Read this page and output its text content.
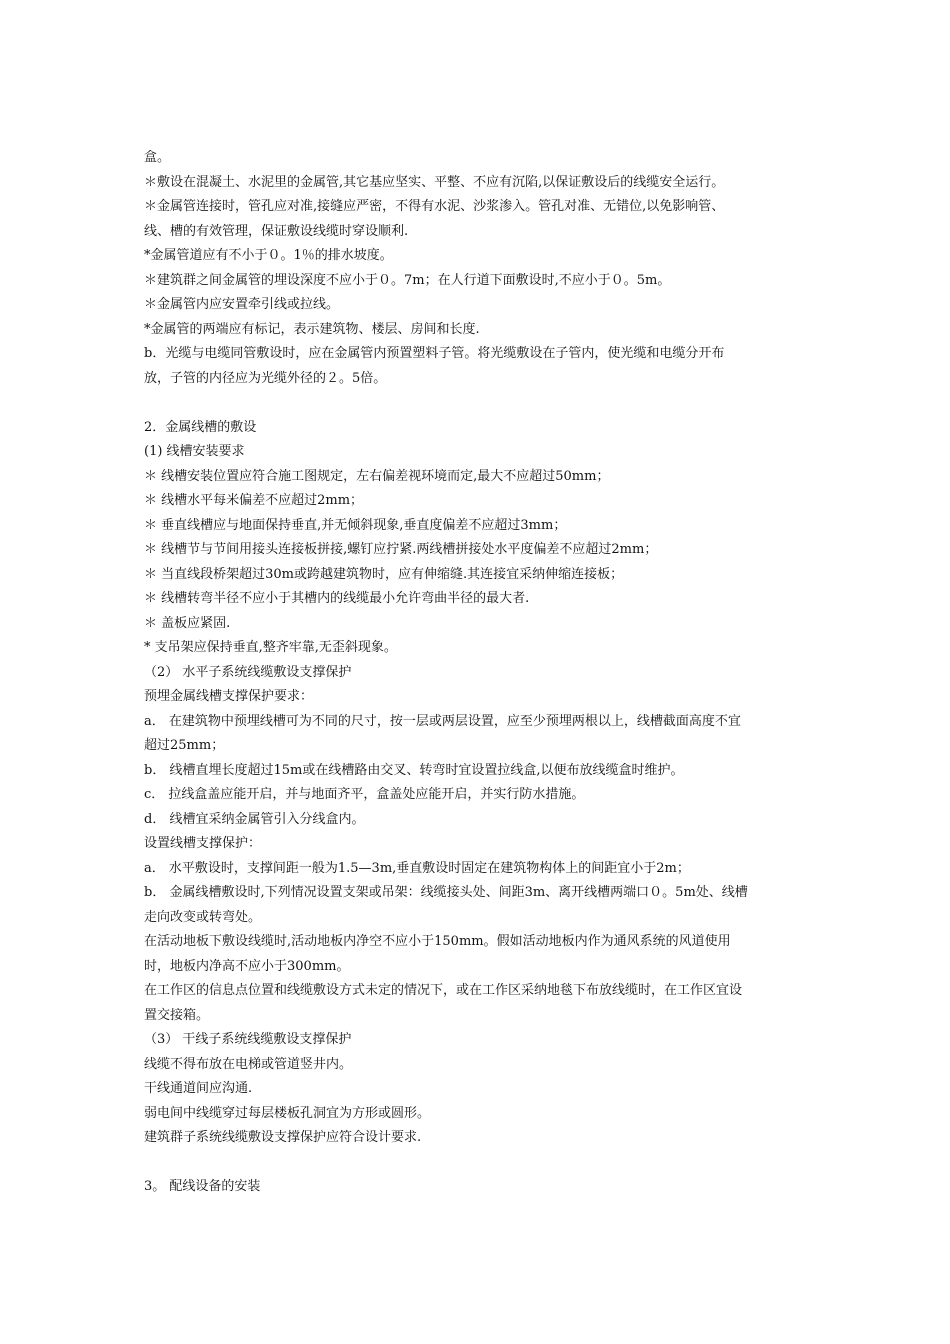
盒。
＊敷设在混凝土、水泥里的金属管,其它基应坚实、平整、不应有沉陷,以保证敷设后的线缆安全运行。
＊金属管连接时，管孔应对准,接缝应严密，不得有水泥、沙浆渗入。管孔对准、无错位,以免影响管、
线、槽的有效管理，保证敷设线缆时穿设顺利.
*金属管道应有不小于０。1％的排水坡度。
＊建筑群之间金属管的埋设深度不应小于０。7m；在人行道下面敷设时,不应小于０。5m。
＊金属管内应安置牵引线或拉线。
*金属管的两端应有标记，表示建筑物、楼层、房间和长度.
b．光缆与电缆同管敷设时，应在金属管内预置塑料子管。将光缆敷设在子管内，使光缆和电缆分开布
放，子管的内径应为光缆外径的２。5倍。
2．金属线槽的敷设
(1) 线槽安装要求
＊ 线槽安装位置应符合施工图规定，左右偏差视环境而定,最大不应超过50mm；
＊ 线槽水平每米偏差不应超过2mm；
＊ 垂直线槽应与地面保持垂直,并无倾斜现象,垂直度偏差不应超过3mm；
＊ 线槽节与节间用接头连接板拼接,螺钉应拧紧.两线槽拼接处水平度偏差不应超过2mm；
＊ 当直线段桥架超过30m或跨越建筑物时，应有伸缩缝.其连接宜采纳伸缩连接板；
＊ 线槽转弯半径不应小于其槽内的线缆最小允许弯曲半径的最大者.
＊ 盖板应紧固.
* 支吊架应保持垂直,整齐牢靠,无歪斜现象。
（2） 水平子系统线缆敷设支撑保护
预埋金属线槽支撑保护要求：
a． 在建筑物中预埋线槽可为不同的尺寸，按一层或两层设置，应至少预埋两根以上，线槽截面高度不宜
超过25mm；
b． 线槽直埋长度超过15m或在线槽路由交叉、转弯时宜设置拉线盒,以便布放线缆盒时维护。
c． 拉线盒盖应能开启，并与地面齐平，盒盖处应能开启，并实行防水措施。
d． 线槽宜采纳金属管引入分线盒内。
设置线槽支撑保护：
a． 水平敷设时，支撑间距一般为1.5—3m,垂直敷设时固定在建筑物构体上的间距宜小于2m；
b． 金属线槽敷设时,下列情况设置支架或吊架：线缆接头处、间距3m、离开线槽两端口０。5m处、线槽
走向改变或转弯处。
在活动地板下敷设线缆时,活动地板内净空不应小于150mm。假如活动地板内作为通风系统的风道使用
时，地板内净高不应小于300mm。
在工作区的信息点位置和线缆敷设方式未定的情况下，或在工作区采纳地毯下布放线缆时，在工作区宜设
置交接箱。
（3） 干线子系统线缆敷设支撑保护
线缆不得布放在电梯或管道竖井内。
干线通道间应沟通.
弱电间中线缆穿过每层楼板孔洞宜为方形或圆形。
建筑群子系统线缆敷设支撑保护应符合设计要求.
3。 配线设备的安装
